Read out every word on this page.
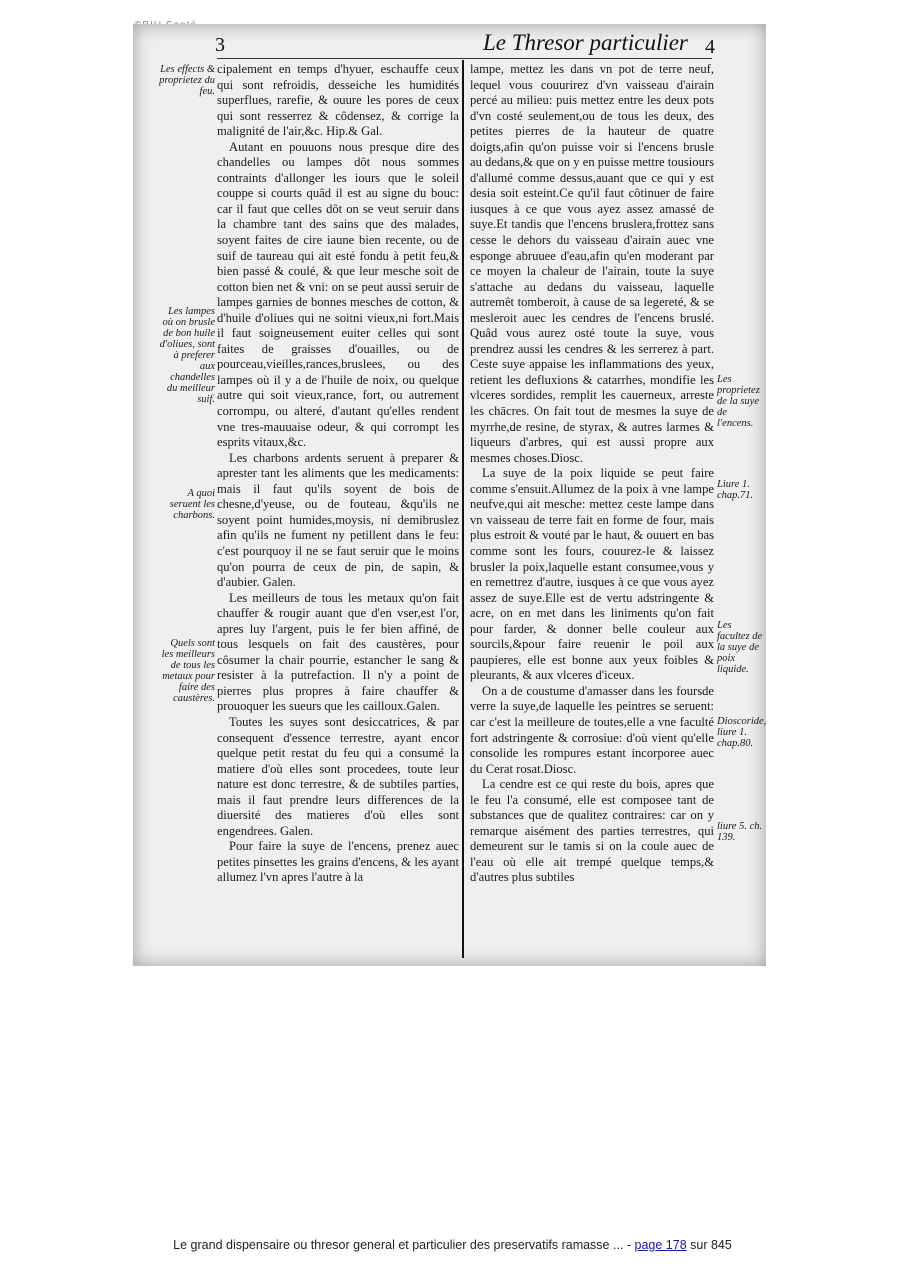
3	Le Thresor particulier 4
Les effects & proprietez du feu.
Les lampes où on brusle de bon huile d'oliues, sont à preferer aux chandelles du meilleur suif.
A quoi seruent les charbons.
Quels sont les meilleurs de tous les metaux pour faire des caustères.

cipalement en temps d'hyuer, eschauffe ceux qui sont refroidis, desseiche les humidités superflues, rarefie, & ouure les pores de ceux qui sont resserrez & côdensez, & corrige la malignité de l'air,&c. Hip.& Gal.

Autant en pouuons nous presque dire des chandelles ou lampes dôt nous sommes contraints d'allonger les iours que le soleil couppe si courts quâd il est au signe du bouc: car il faut que celles dôt on se veut seruir dans la chambre tant des sains que des malades, soyent faites de cire iaune bien recente, ou de suif de taureau qui ait esté fondu à petit feu,& bien passé & coulé, & que leur mesche soit de cotton bien net & vni: on se peut aussi seruir de lampes garnies de bonnes mesches de cotton, & d'huile d'oliues qui ne soitni vieux,ni fort.Mais il faut soigneusement euiter celles qui sont faites de graisses d'ouailles, ou de pourceau,vieilles,rances,bruslees, ou des lampes où il y a de l'huile de noix, ou quelque autre qui soit vieux,rance, fort, ou autrement corrompu, ou alteré, d'autant qu'elles rendent vne tres-mauuaise odeur, & qui corrompt les esprits vitaux,&c.

Les charbons ardents seruent à preparer & aprester tant les aliments que les medicaments: mais il faut qu'ils soyent de bois de chesne,d'yeuse, ou de fouteau, &qu'ils ne soyent point humides,moysis, ni demibruslez afin qu'ils ne fument ny petillent dans le feu: c'est pourquoy il ne se faut seruir que le moins qu'on pourra de ceux de pin, de sapin, & d'aubier. Galen.

Les meilleurs de tous les metaux qu'on fait chauffer & rougir auant que d'en vser,est l'or, apres luy l'argent, puis le fer bien affiné, de tous lesquels on fait des caustères, pour côsumer la chair pourrie, estancher le sang & resister à la putrefaction. Il n'y a point de pierres plus propres à faire chauffer & prouoquer les sueurs que les cailloux.Galen.

Toutes les suyes sont desiccatrices, & par consequent d'essence terrestre, ayant encor quelque petit restat du feu qui a consumé la matiere d'où elles sont procedees, toute leur nature est donc terrestre, & de subtiles parties, mais il faut prendre leurs differences de la diuersité des matieres d'où elles sont engendrees. Galen.

Pour faire la suye de l'encens, prenez auec petites pinsettes les grains d'encens, & les ayant allumez l'vn apres l'autre à la

lampe, mettez les dans vn pot de terre neuf, lequel vous couurirez d'vn vaisseau d'airain percé au milieu: puis mettez entre les deux pots d'vn costé seulement,ou de tous les deux, des petites pierres de la hauteur de quatre doigts,afin qu'on puisse voir si l'encens brusle au dedans,& que on y en puisse mettre tousiours d'allumé comme dessus,auant que ce qui y est desia soit esteint.Ce qu'il faut côtinuer de faire iusques à ce que vous ayez assez amassé de suye.Et tandis que l'encens bruslera,frottez sans cesse le dehors du vaisseau d'airain auec vne esponge abruuee d'eau,afin qu'en moderant par ce moyen la chaleur de l'airain, toute la suye s'attache au dedans du vaisseau, laquelle autremêt tomberoit, à cause de sa legereté, & se mesleroit auec les cendres de l'encens bruslé. Quâd vous aurez osté toute la suye, vous prendrez aussi les cendres & les serrerez à part. Ceste suye appaise les inflammations des yeux, retient les defluxions & catarrhes, mondifie les vlceres sordides, remplit les cauerneux, arreste les chācres. On fait tout de mesmes la suye de myrrhe,de resine, de styrax, & autres larmes & liqueurs d'arbres, qui est aussi propre aux mesmes choses.Diosc.

La suye de la poix liquide se peut faire comme s'ensuit.Allumez de la poix à vne lampe neufve,qui ait mesche: mettez ceste lampe dans vn vaisseau de terre fait en forme de four, mais plus estroit & vouté par le haut, & ouuert en bas comme sont les fours, couurez-le & laissez brusler la poix,laquelle estant consumee,vous y en remettrez d'autre, iusques à ce que vous ayez assez de suye.Elle est de vertu adstringente & acre, on en met dans les liniments qu'on fait pour farder, & donner belle couleur aux sourcils,&pour faire reuenir le poil aux paupieres, elle est bonne aux yeux foibles & pleurants, & aux vlceres d'iceux.

On a de coustume d'amasser dans les foursde verre la suye,de laquelle les peintres se seruent: car c'est la meilleure de toutes,elle a vne faculté fort adstringente & corrosiue: d'où vient qu'elle consolide les rompures estant incorporee auec du Cerat rosat.Diosc.

La cendre est ce qui reste du bois, apres que le feu l'a consumé, elle est composee tant de substances que de qualitez contraires: car on y remarque aisément des parties terrestres, qui demeurent sur le tamis si on la coule auec de l'eau où elle ait trempé quelque temps,& d'autres plus subtiles

Les proprietez de la suye de l'encens.
Liure 1. chap.71.
Les facultez de la suye de poix liquide.
Dioscoride, liure 1. chap.80.
liure 5. ch. 139.
Le grand dispensaire ou thresor general et particulier des preservatifs ramasse ... - page 178 sur 845
